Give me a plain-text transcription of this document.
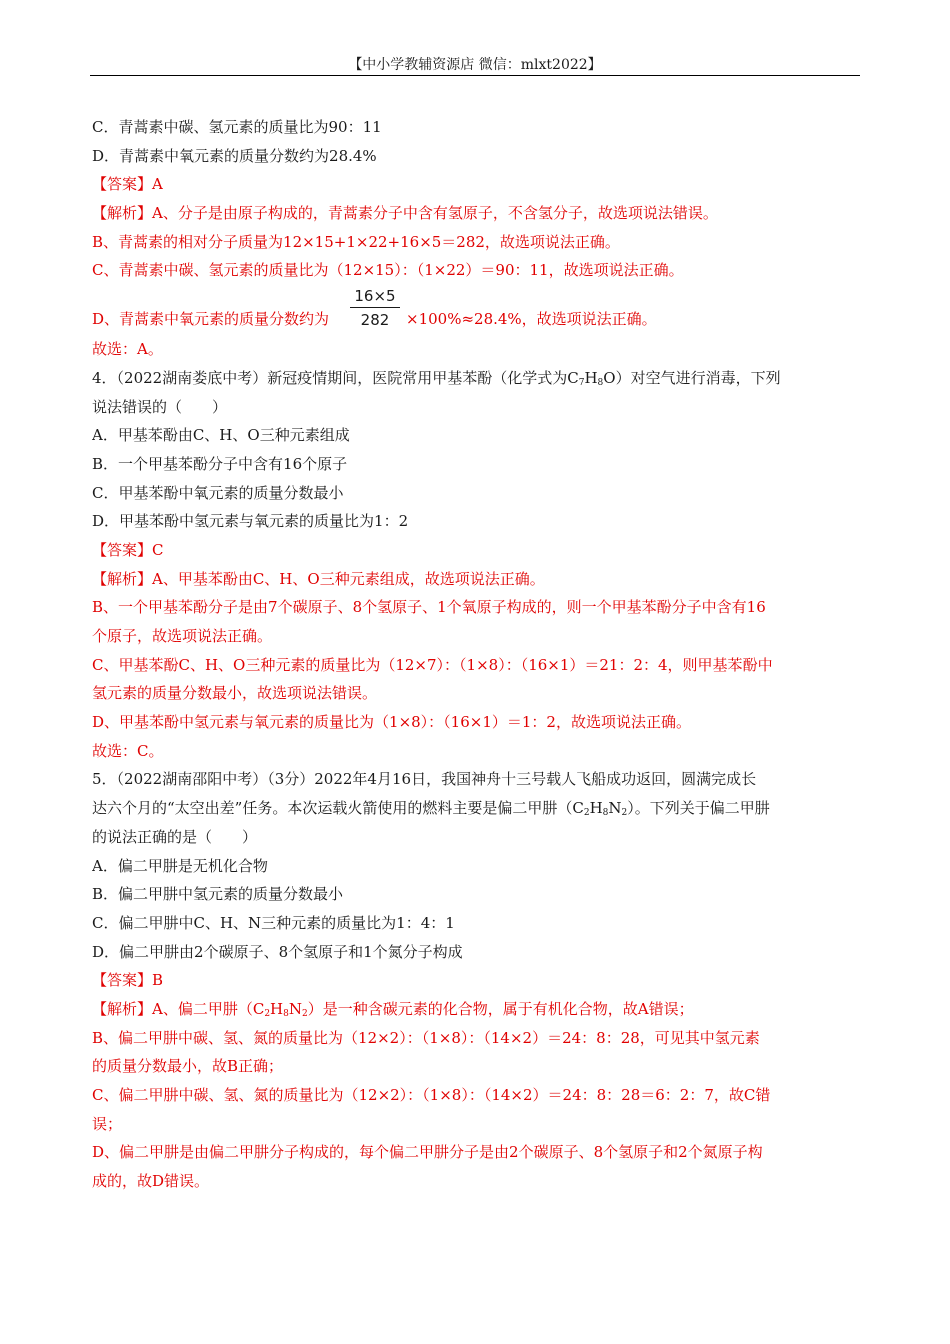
【中小学教辅资源店 微信：mlxt2022】
C．青蒿素中碳、氢元素的质量比为90：11
D．青蒿素中氧元素的质量分数约为28.4%
【答案】A
【解析】A、分子是由原子构成的，青蒿素分子中含有氢原子，不含氢分子，故选项说法错误。
B、青蒿素的相对分子质量为12×15+1×22+16×5＝282，故选项说法正确。
C、青蒿素中碳、氢元素的质量比为（12×15）：（1×22）＝90：11，故选项说法正确。
D、青蒿素中氧元素的质量分数约为 $\frac{16\times 5}{282} \times 100\%\approx 28.4\%$，故选项说法正确。
故选：A。
4．（2022湖南娄底中考）新冠疫情期间，医院常用甲基苯酚（化学式为$C_7H_8O$）对空气进行消毒，下列
说法错误的（　　）
A．甲基苯酚由C、H、O三种元素组成
B．一个甲基苯酚分子中含有16个原子
C．甲基苯酚中氧元素的质量分数最小
D．甲基苯酚中氢元素与氧元素的质量比为1：2
【答案】C
【解析】A、甲基苯酚由C、H、O三种元素组成，故选项说法正确。
B、一个甲基苯酚分子是由7个碳原子、8个氢原子、1个氧原子构成的，则一个甲基苯酚分子中含有16
个原子，故选项说法正确。
C、甲基苯酚C、H、O三种元素的质量比为（12×7）：（1×8）：（16×1）＝21：2：4，则甲基苯酚中
氢元素的质量分数最小，故选项说法错误。
D、甲基苯酚中氢元素与氧元素的质量比为（1×8）：（16×1）＝1：2，故选项说法正确。
故选：C。
5．（2022湖南邵阳中考）（3分）2022年4月16日，我国神舟十三号载人飞船成功返回，圆满完成长
达六个月的“太空出差”任务。本次运载火箭使用的燃料主要是偏二甲肼$(C_2H_8N_2)$。下列关于偏二甲肼
的说法正确的是（　　）
A．偏二甲肼是无机化合物
B．偏二甲肼中氢元素的质量分数最小
C．偏二甲肼中C、H、N三种元素的质量比为1：4：1
D．偏二甲肼由2个碳原子、8个氢原子和1个氮分子构成
【答案】B
【解析】A、偏二甲肼$(C_2H_8N_2)$是一种含碳元素的化合物，属于有机化合物，故A错误；
B、偏二甲肼中碳、氢、氮的质量比为（12×2）：（1×8）：（14×2）＝24：8：28，可见其中氢元素
的质量分数最小，故B正确；
C、偏二甲肼中碳、氢、氮的质量比为（12×2）：（1×8）：（14×2）＝24：8：28＝6：2：7，故C错
误；
D、偏二甲肼是由偏二甲肼分子构成的，每个偏二甲肼分子是由2个碳原子、8个氢原子和2个氮原子构
成的，故D错误。
